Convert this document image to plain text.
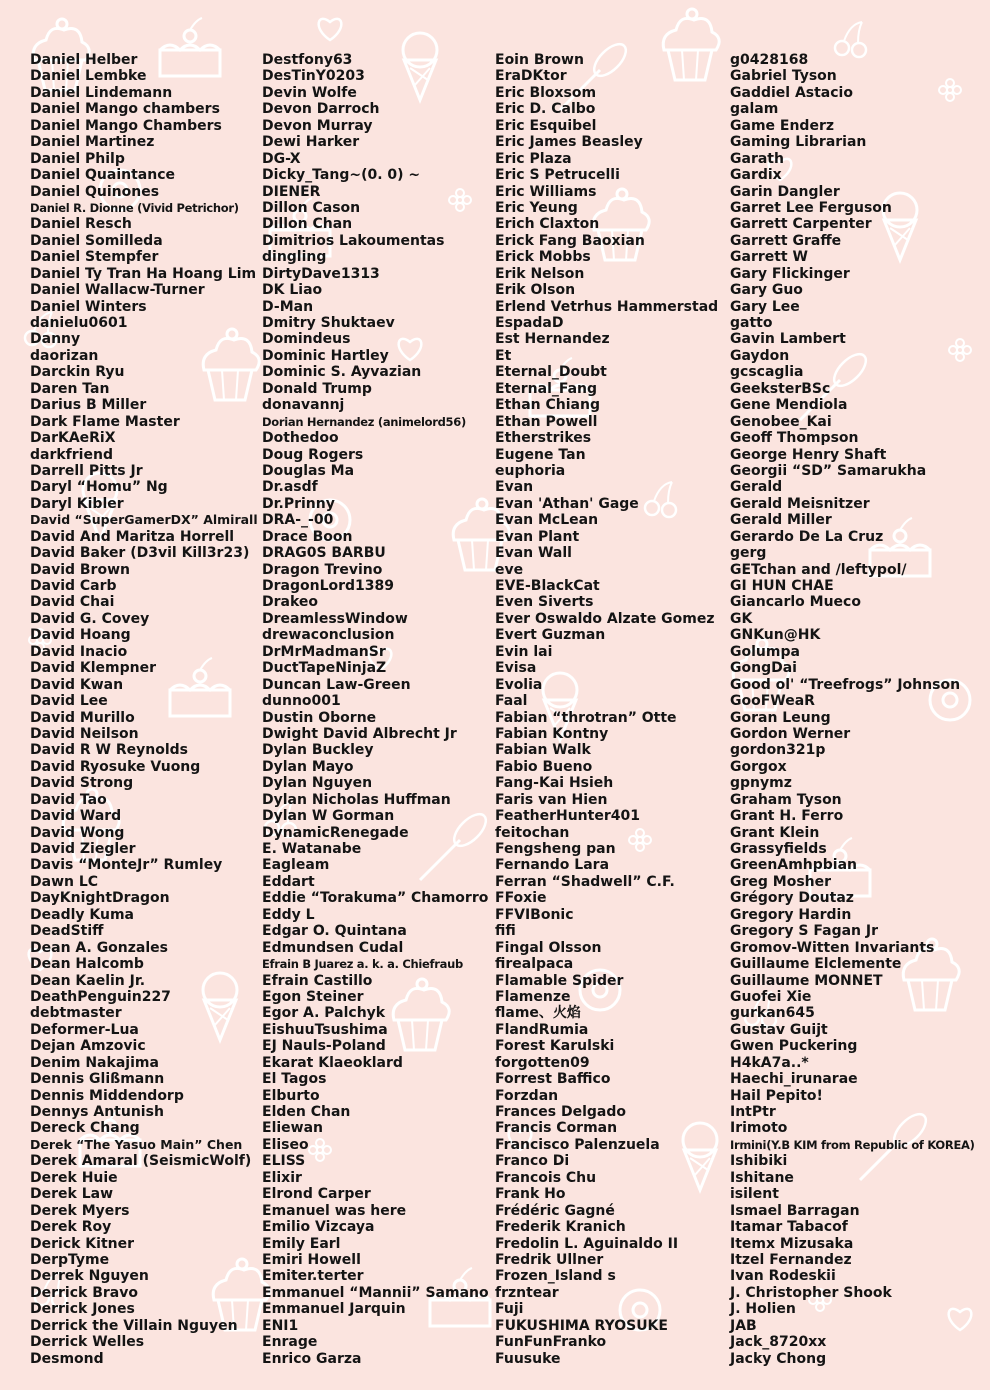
Daniel Helber
Daniel Lembke
Daniel Lindemann
Daniel Mango chambers
Daniel Mango Chambers
Daniel Martinez
Daniel Philp
Daniel Quaintance
Daniel Quinones
Daniel R. Dionne (Vivid Petrichor)
Daniel Resch
Daniel Somilleda
Daniel Stempfer
Daniel Ty Tran Ha Hoang Lim
Daniel Wallacw-Turner
Daniel Winters
danielu0601
Danny
daorizan
Darckin Ryu
Daren Tan
Darius B Miller
Dark Flame Master
DarKAeRiX
darkfriend
Darrell Pitts Jr
Daryl “Homu” Ng
Daryl Kibler
David “SuperGamerDX” Almirall
David And Maritza Horrell
David Baker (D3vil Kill3r23)
David Brown
David Carb
David Chai
David G. Covey
David Hoang
David Inacio
David Klempner
David Kwan
David Lee
David Murillo
David Neilson
David R W Reynolds
David Ryosuke Vuong
David Strong
David Tao
David Ward
David Wong
David Ziegler
Davis “MonteJr” Rumley
Dawn LC
DayKnightDragon
Deadly Kuma
DeadStiff
Dean A. Gonzales
Dean Halcomb
Dean Kaelin Jr.
DeathPenguin227
debtmaster
Deformer-Lua
Dejan Amzovic
Denim Nakajima
Dennis Glißmann
Dennis Middendorp
Dennys Antunish
Dereck Chang
Derek “The Yasuo Main” Chen
Derek Amaral (SeismicWolf)
Derek Huie
Derek Law
Derek Myers
Derek Roy
Derick Kitner
DerpTyme
Derrek Nguyen
Derrick Bravo
Derrick Jones
Derrick the Villain Nguyen
Derrick Welles
Desmond
Destfony63
DesTinY0203
Devin Wolfe
Devon Darroch
Devon Murray
Dewi Harker
DG-X
Dicky_Tang~(0. 0) ~
DIENER
Dillon Cason
Dillon Chan
Dimitrios Lakoumentas
dingling
DirtyDave1313
DK Liao
D-Man
Dmitry Shuktaev
Domindeus
Dominic Hartley
Dominic S. Ayvazian
Donald Trump
donavannj
Dorian Hernandez (animelord56)
Dothedoo
Doug Rogers
Douglas Ma
Dr.asdf
Dr.Prinny
DRA-_-00
Drace Boon
DRAG0S BARBU
Dragon Trevino
DragonLord1389
Drakeo
DreamlessWindow
drewaconclusion
DrMrMadmanSr
DuctTapeNinjaZ
Duncan Law-Green
dunno001
Dustin Oborne
Dwight David Albrecht Jr
Dylan Buckley
Dylan Mayo
Dylan Nguyen
Dylan Nicholas Huffman
Dylan W Gorman
DynamicRenegade
E. Watanabe
Eagleam
Eddart
Eddie “Torakuma” Chamorro
Eddy L
Edgar O. Quintana
Edmundsen Cudal
Efrain B Juarez a. k. a. Chiefraub
Efrain Castillo
Egon Steiner
Egor A. Palchyk
EishuuTsushima
EJ Nauls-Poland
Ekarat Klaeoklard
El Tagos
Elburto
Elden Chan
Eliewan
Eliseo
ELISS
Elixir
Elrond Carper
Emanuel was here
Emilio Vizcaya
Emily Earl
Emiri Howell
Emiter.terter
Emmanuel “Mannii” Samano
Emmanuel Jarquin
ENI1
Enrage
Enrico Garza
Eoin Brown
EraDKtor
Eric Bloxsom
Eric D. Calbo
Eric Esquibel
Eric James Beasley
Eric Plaza
Eric S Petrucelli
Eric Williams
Eric Yeung
Erich Claxton
Erick Fang Baoxian
Erick Mobbs
Erik Nelson
Erik Olson
Erlend Vetrhus Hammerstad
EspadaD
Est Hernandez
Et
Eternal_Doubt
Eternal_Fang
Ethan Chiang
Ethan Powell
Etherstrikes
Eugene Tan
euphoria
Evan
Evan 'Athan' Gage
Evan McLean
Evan Plant
Evan Wall
eve
EVE-BlackCat
Even Siverts
Ever Oswaldo Alzate Gomez
Evert Guzman
Evin lai
Evisa
Evolia
Faal
Fabian “throtran” Otte
Fabian Kontny
Fabian Walk
Fabio Bueno
Fang-Kai Hsieh
Faris van Hien
FeatherHunter401
feitochan
Fengsheng pan
Fernando Lara
Ferran “Shadwell” C.F.
FFoxie
FFVIBonic
fifi
Fingal Olsson
firealpaca
Flamable Spider
Flamenze
flame、火焰
FlandRumia
Forest Karulski
forgotten09
Forrest Baffico
Forzdan
Frances Delgado
Francis Corman
Francisco Palenzuela
Franco Di
Francois Chu
Frank Ho
Frédéric Gagné
Frederik Kranich
Fredolin L. Aguinaldo II
Fredrik Ullner
Frozen_Island s
frzntear
Fuji
FUKUSHIMA RYOSUKE
FunFunFranko
Fuusuke
g0428168
Gabriel Tyson
Gaddiel Astacio
galam
Game Enderz
Gaming Librarian
Garath
Gardix
Garin Dangler
Garret Lee Ferguson
Garrett Carpenter
Garrett Graffe
Garrett W
Gary Flickinger
Gary Guo
Gary Lee
gatto
Gavin Lambert
Gaydon
gcscaglia
GeeksterBSc
Gene Mendiola
Genobee_Kai
Geoff Thompson
George Henry Shaft
Georgii “SD” Samarukha
Gerald
Gerald Meisnitzer
Gerald Miller
Gerardo De La Cruz
gerg
GETchan and /leftypol/
GI HUN CHAE
Giancarlo Mueco
GK
GNKun@HK
Golumpa
GongDai
Good ol' “Treefrogs” Johnson
GooFWeaR
Goran Leung
Gordon Werner
gordon321p
Gorgox
gpnymz
Graham Tyson
Grant H. Ferro
Grant Klein
Grassyfields
GreenAmhpbian
Greg Mosher
Grégory Doutaz
Gregory Hardin
Gregory S Fagan Jr
Gromov-Witten Invariants
Guillaume Elclemente
Guillaume MONNET
Guofei Xie
gurkan645
Gustav Guijt
Gwen Puckering
H4kA7a..*
Haechi_irunarae
Hail Pepito!
IntPtr
Irimoto
Irmini(Y.B KIM from Republic of KOREA)
Ishibiki
Ishitane
isilent
Ismael Barragan
Itamar Tabacof
Itemx Mizusaka
Itzel Fernandez
Ivan Rodeskii
J. Christopher Shook
J. Holien
JAB
Jack_8720xx
Jacky Chong
